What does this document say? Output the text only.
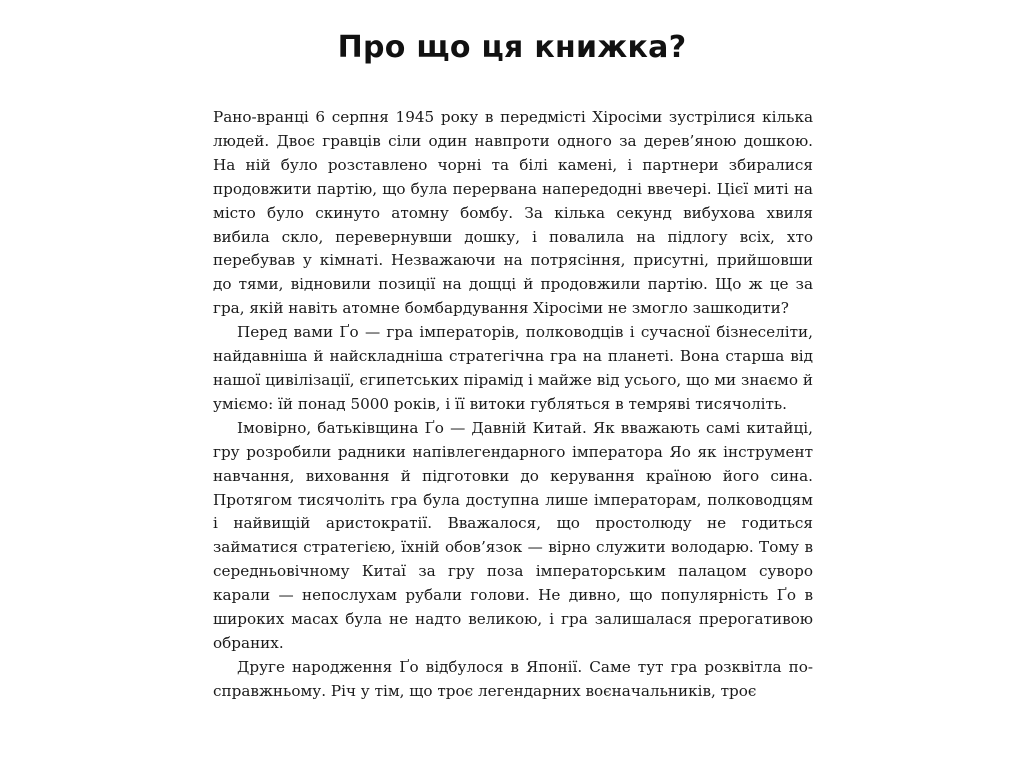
Про що ця книжка?

Рано-вранці 6 серпня 1945 року в передмісті Хіросіми зустрілися кілька людей. Двоє гравців сіли один навпроти одного за дерев’яною дошкою. На ній було розставлено чорні та білі камені, і партнери збиралися продовжити партію, що була перервана напередодні ввечері. Цієї миті на місто було скинуто атомну бомбу. За кілька секунд вибухова хвиля вибила скло, перевернувши дошку, і повалила на підлогу всіх, хто перебував у кімнаті. Незважаючи на потрясіння, присутні, прийшовши до тями, відновили позиції на дощці й продовжили партію. Що ж це за гра, якій навіть атомне бомбардування Хіросіми не змогло зашкодити?

Перед вами Ґо — гра імператорів, полководців і сучасної бізнеселіти, найдавніша й найскладніша стратегічна гра на планеті. Вона старша від нашої цивілізації, єгипетських пірамід і майже від усього, що ми знаємо й уміємо: їй понад 5000 років, і її витоки губляться в темряві тисячоліть.

Імовірно, батьківщина Ґо — Давній Китай. Як вважають самі китайці, гру розробили радники напівлегендарного імператора Яо як інструмент навчання, виховання й підготовки до керування країною його сина. Протягом тисячоліть гра була доступна лише імператорам, полководцям і найвищій аристократії. Вважалося, що простолюду не годиться займатися стратегією, їхній обов’язок — вірно служити володарю. Тому в середньовічному Китаї за гру поза імператорським палацом суворо карали — непослухам рубали голови. Не дивно, що популярність Ґо в широких масах була не надто великою, і гра залишалася прерогативою обраних.

Друге народження Ґо відбулося в Японії. Саме тут гра розквітла по-справжньому. Річ у тім, що троє легендарних воєначальників, троє
